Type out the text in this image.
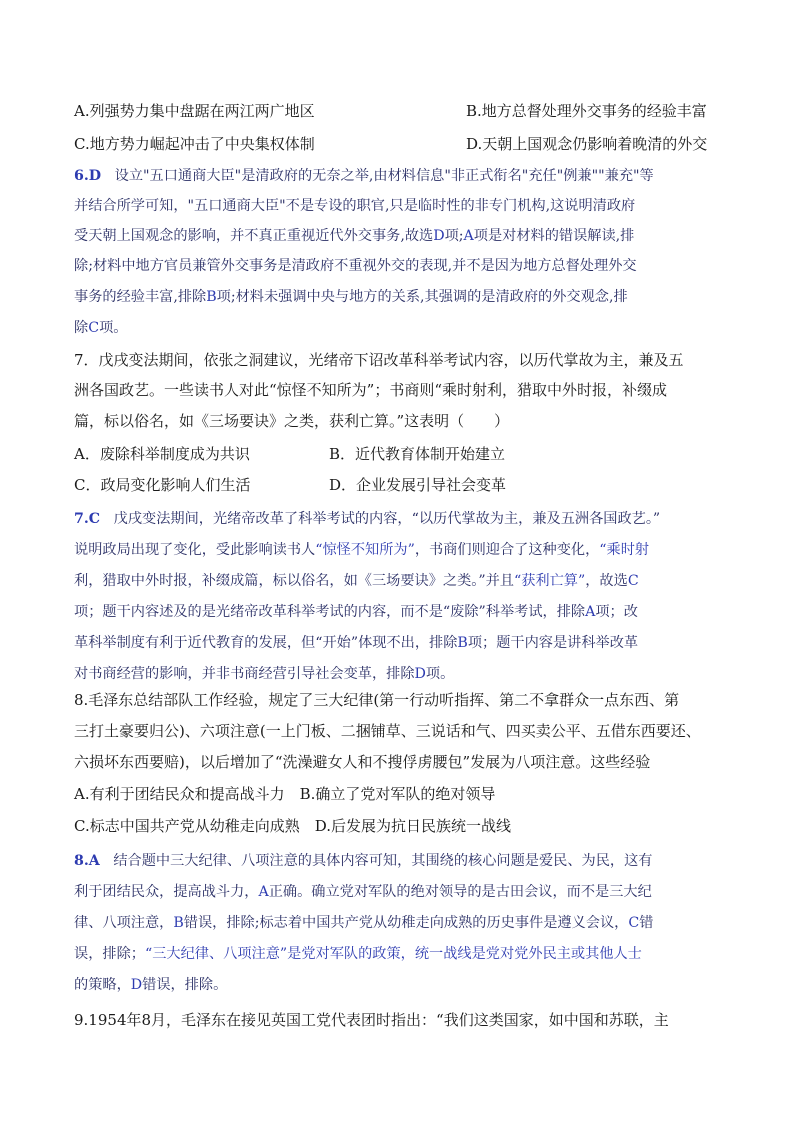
A.列强势力集中盘踞在两江两广地区	B.地方总督处理外交事务的经验丰富
C.地方势力崛起冲击了中央集权体制	D.天朝上国观念仍影响着晚清的外交
6.D 设立"五口通商大臣"是清政府的无奈之举,由材料信息"非正式衔名"充任"例兼""兼充"等
并结合所学可知，"五口通商大臣"不是专设的职官,只是临时性的非专门机构,这说明清政府
受天朝上国观念的影响，并不真正重视近代外交事务,故选D项;A项是对材料的错误解读,排
除;材料中地方官员兼管外交事务是清政府不重视外交的表现,并不是因为地方总督处理外交
事务的经验丰富,排除B项;材料未强调中央与地方的关系,其强调的是清政府的外交观念,排
除C项。
7．戊戌变法期间，依张之洞建议，光绪帝下诏改革科举考试内容，以历代掌故为主，兼及五
洲各国政艺。一些读书人对此“惊怪不知所为”；书商则“乘时射利，猎取中外时报，补缀成
篇，标以俗名，如《三场要诀》之类，获利亡算。”这表明（　　）
A．废除科举制度成为共识	B．近代教育体制开始建立
C．政局变化影响人们生活	D．企业发展引导社会变革
7.C 戊戌变法期间，光绪帝改革了科举考试的内容，“以历代掌故为主，兼及五洲各国政艺。”
说明政局出现了变化，受此影响读书人“惊怪不知所为”，书商们则迎合了这种变化，“乘时射
利，猎取中外时报，补缀成篇，标以俗名，如《三场要诀》之类。”并且“获利亡算”，故选C
项；题干内容述及的是光绪帝改革科举考试的内容，而不是“废除”科举考试，排除A项；改
革科举制度有利于近代教育的发展，但“开始”体现不出，排除B项；题干内容是讲科举改革
对书商经营的影响，并非书商经营引导社会变革，排除D项。
8.毛泽东总结部队工作经验，规定了三大纪律(第一行动听指挥、第二不拿群众一点东西、第
三打土豪要归公)、六项注意(一上门板、二捆铺草、三说话和气、四买卖公平、五借东西要还、
六损坏东西要赔)，以后增加了“洗澡避女人和不搜俘虏腰包”发展为八项注意。这些经验
A.有利于团结民众和提高战斗力　B.确立了党对军队的绝对领导
C.标志中国共产党从幼稚走向成熟　D.后发展为抗日民族统一战线
8.A 结合题中三大纪律、八项注意的具体内容可知，其围绕的核心问题是爱民、为民，这有
利于团结民众，提高战斗力，A正确。确立党对军队的绝对领导的是古田会议，而不是三大纪
律、八项注意，B错误，排除;标志着中国共产党从幼稚走向成熟的历史事件是遵义会议，C错
误，排除；“三大纪律、八项注意”是党对军队的政策，统一战线是党对党外民主或其他人士
的策略，D错误，排除。
9.1954年8月，毛泽东在接见英国工党代表团时指出：“我们这类国家，如中国和苏联，主
